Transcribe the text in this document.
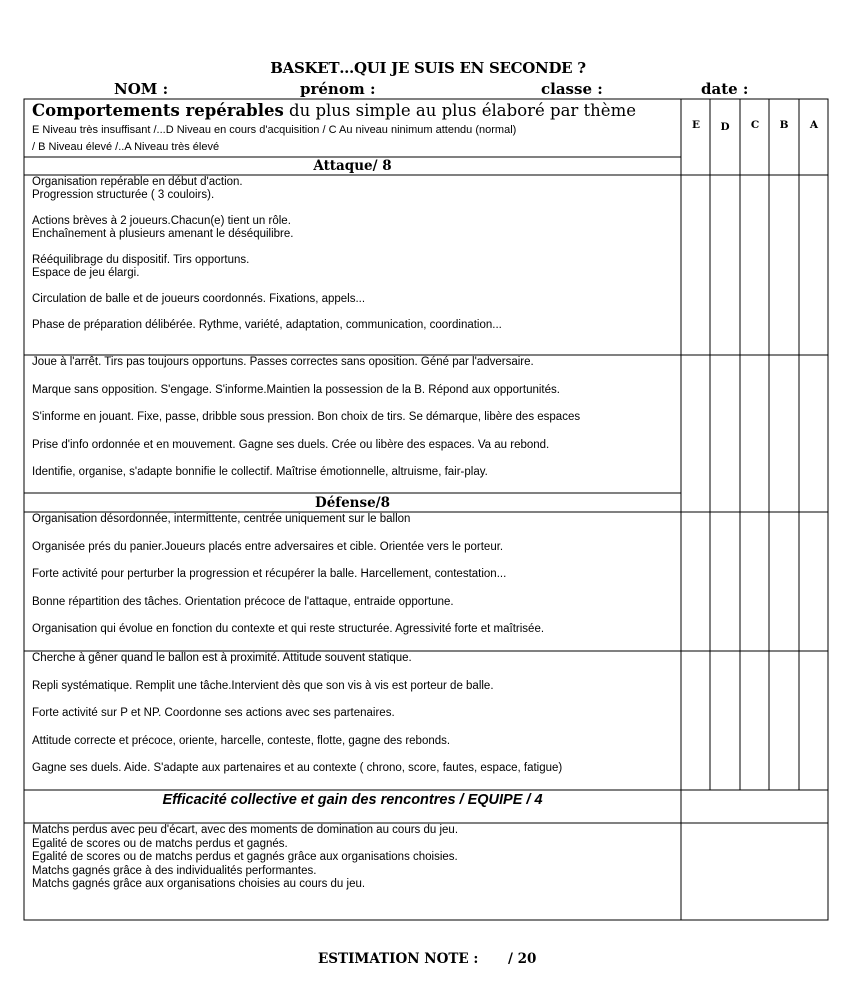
BASKET…QUI JE SUIS EN SECONDE ?
NOM :	prénom :	classe :	date :
Comportements repérables du plus simple au plus élaboré par thème
E Niveau très insuffisant /...D Niveau en cours d'acquisition / C Au niveau ninimum attendu (normal)
/ B Niveau élevé /..A Niveau très élevé
E	D	C	B	A
Attaque/ 8
Organisation repérable en début d'action.
Progression structurée ( 3 couloirs).

Actions brèves à 2 joueurs.Chacun(e) tient un rôle.
Enchaînement à plusieurs amenant le déséquilibre.

Rééquilibrage du dispositif. Tirs opportuns.
Espace de jeu élargi.

Circulation de balle et de joueurs coordonnés. Fixations, appels...

Phase de préparation délibérée. Rythme, variété, adaptation, communication, coordination...
Joue à l'arrêt. Tirs pas toujours opportuns. Passes correctes sans oposition. Géné par l'adversaire.
Marque sans opposition. S'engage. S'informe.Maintien la possession de la B. Répond aux opportunités.
S'informe en jouant. Fixe, passe, dribble sous pression. Bon choix de tirs. Se démarque, libère des espaces
Prise d'info ordonnée et en mouvement. Gagne ses duels. Crée ou libère des espaces. Va au rebond.
Identifie, organise, s'adapte bonnifie le collectif. Maîtrise émotionnelle, altruisme, fair-play.
Défense/8
Organisation désordonnée, intermittente, centrée uniquement sur le ballon
Organisée prés du panier.Joueurs placés entre adversaires et cible. Orientée vers le porteur.
Forte activité pour perturber la progression et récupérer la balle. Harcellement, contestation...
Bonne répartition des tâches. Orientation précoce de l'attaque, entraide opportune.
Organisation qui évolue en fonction du contexte et qui reste structurée. Agressivité forte et maîtrisée.
Cherche à gêner quand le ballon est à proximité. Attitude souvent statique.
Repli systématique. Remplit une tâche.Intervient dès que son vis à vis est porteur de balle.
Forte activité sur P et NP. Coordonne ses actions avec ses partenaires.
Attitude correcte et précoce, oriente, harcelle, conteste, flotte, gagne des rebonds.
Gagne ses duels. Aide. S'adapte aux partenaires et au contexte ( chrono, score, fautes, espace, fatigue)
Efficacité collective et gain des rencontres / EQUIPE / 4
Matchs perdus avec peu d'écart, avec des moments de domination au cours du jeu.
Egalité de scores ou de matchs perdus et gagnés.
Egalité de scores ou de matchs perdus et gagnés grâce aux organisations choisies.
Matchs gagnés grâce à des individualités performantes.
Matchs gagnés grâce aux organisations choisies au cours du jeu.
ESTIMATION NOTE : / 20
